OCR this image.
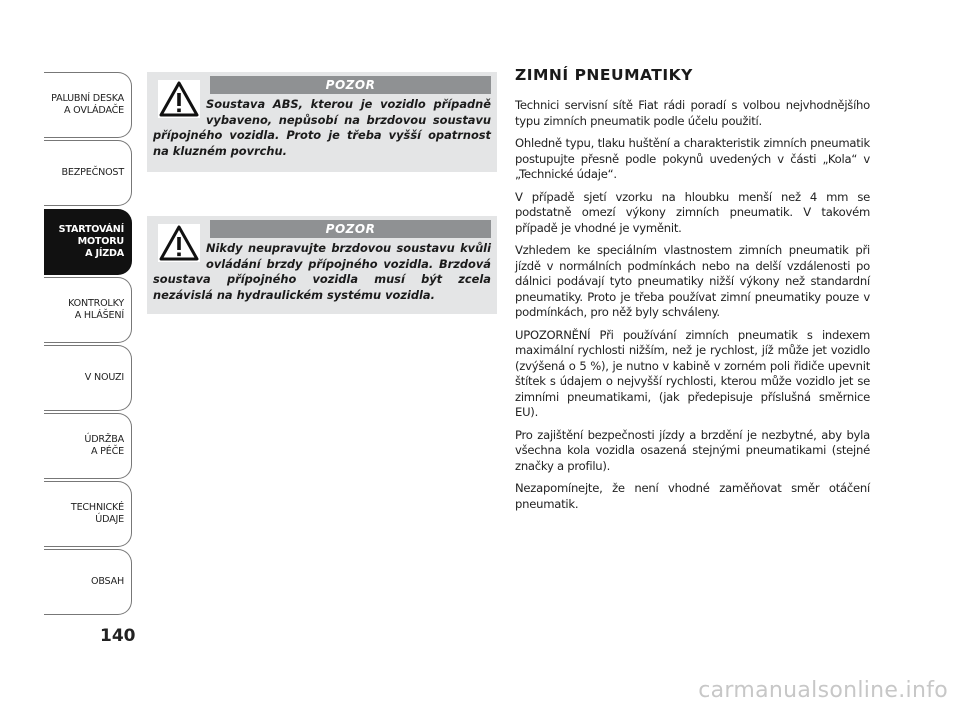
PALUBNÍ DESKA
A OVLÁDAČE
BEZPEČNOST
STARTOVÁNÍ
MOTORU
A JÍZDA
KONTROLKY
A HLÁŠENÍ
V NOUZI
ÚDRŽBA
A PÉČE
TECHNICKÉ
ÚDAJE
OBSAH
140
POZOR
Soustava ABS, kterou je vozidlo případně vybaveno, nepůsobí na brzdovou soustavu přípojného vozidla. Proto je třeba vyšší opatrnost na kluzném povrchu.
POZOR
Nikdy neupravujte brzdovou soustavu kvůli ovládání brzdy přípojného vozidla. Brzdová soustava přípojného vozidla musí být zcela nezávislá na hydraulickém systému vozidla.
ZIMNÍ PNEUMATIKY

Technici servisní sítě Fiat rádi poradí s volbou nejvhodnějšího typu zimních pneumatik podle účelu použití.

Ohledně typu, tlaku huštění a charakteristik zimních pneumatik postupujte přesně podle pokynů uvedených v části „Kola“ v „Technické údaje“.

V případě sjetí vzorku na hloubku menší než 4 mm se podstatně omezí výkony zimních pneumatik. V takovém případě je vhodné je vyměnit.

Vzhledem ke speciálním vlastnostem zimních pneumatik při jízdě v normálních podmínkách nebo na delší vzdálenosti po dálnici podávají tyto pneumatiky nižší výkony než standardní pneumatiky. Proto je třeba používat zimní pneumatiky pouze v podmínkách, pro něž byly schváleny.

UPOZORNĚNÍ Při používání zimních pneumatik s indexem maximální rychlosti nižším, než je rychlost, jíž může jet vozidlo (zvýšená o 5 %), je nutno v kabině v zorném poli řidiče upevnit štítek s údajem o nejvyšší rychlosti, kterou může vozidlo jet se zimními pneumatikami, (jak předepisuje příslušná směrnice EU).

Pro zajištění bezpečnosti jízdy a brzdění je nezbytné, aby byla všechna kola vozidla osazená stejnými pneumatikami (stejné značky a profilu).

Nezapomínejte, že není vhodné zaměňovat směr otáčení pneumatik.

carmanualsonline.info
